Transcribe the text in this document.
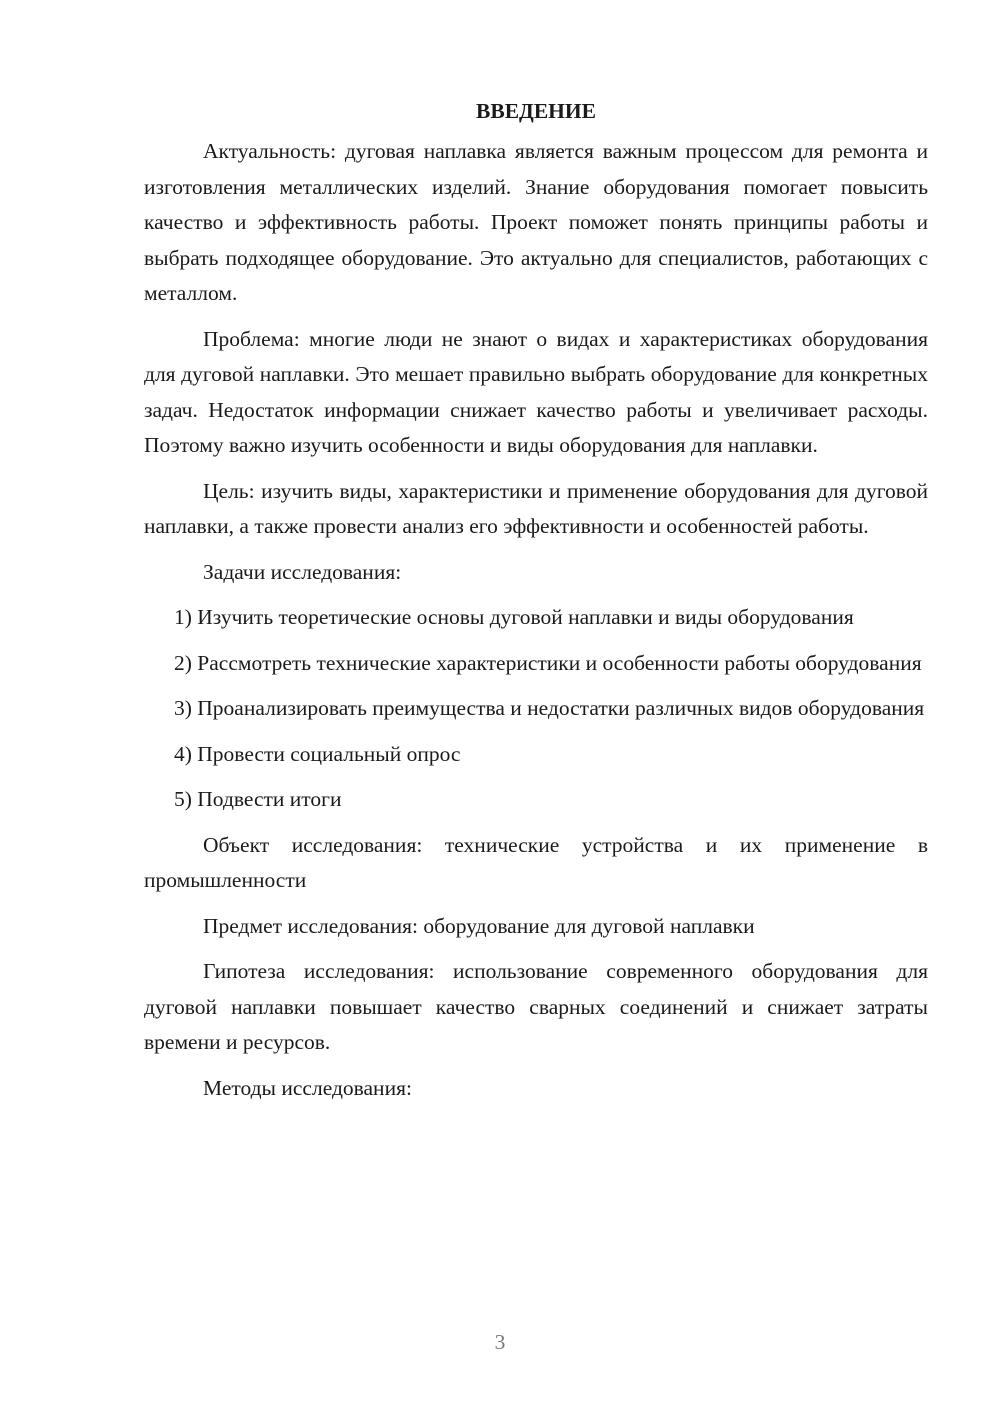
ВВЕДЕНИЕ

Актуальность: дуговая наплавка является важным процессом для ремонта и изготовления металлических изделий. Знание оборудования помогает повысить качество и эффективность работы. Проект поможет понять принципы работы и выбрать подходящее оборудование. Это актуально для специалистов, работающих с металлом.

Проблема: многие люди не знают о видах и характеристиках оборудования для дуговой наплавки. Это мешает правильно выбрать оборудование для конкретных задач. Недостаток информации снижает качество работы и увеличивает расходы. Поэтому важно изучить особенности и виды оборудования для наплавки.

Цель: изучить виды, характеристики и применение оборудования для дуговой наплавки, а также провести анализ его эффективности и особенностей работы.

Задачи исследования:

1) Изучить теоретические основы дуговой наплавки и виды оборудования
2) Рассмотреть технические характеристики и особенности работы оборудования
3) Проанализировать преимущества и недостатки различных видов оборудования
4) Провести социальный опрос
5) Подвести итоги

Объект исследования: технические устройства и их применение в промышленности

Предмет исследования: оборудование для дуговой наплавки

Гипотеза исследования: использование современного оборудования для дуговой наплавки повышает качество сварных соединений и снижает затраты времени и ресурсов.

Методы исследования:

3
